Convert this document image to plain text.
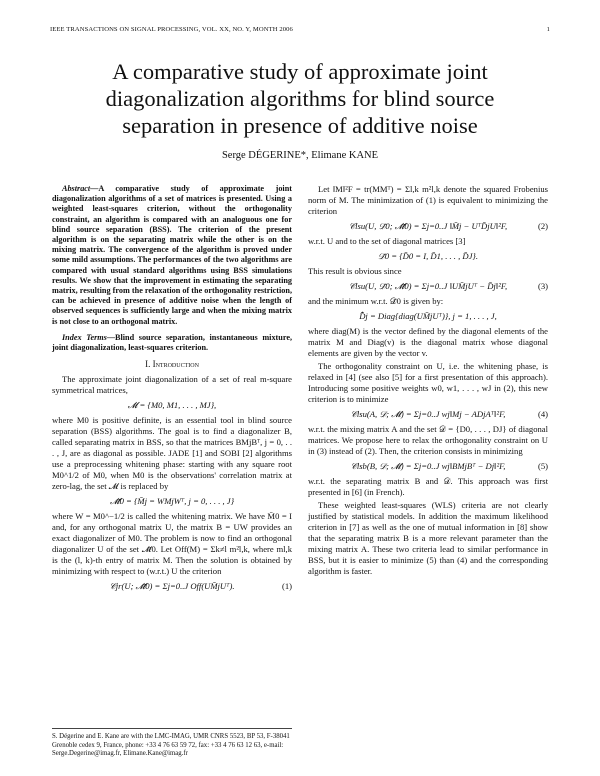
IEEE TRANSACTIONS ON SIGNAL PROCESSING, VOL. XX, NO. Y, MONTH 2006	1
A comparative study of approximate joint diagonalization algorithms for blind source separation in presence of additive noise
Serge DÉGERINE*, Elimane KANE

Abstract—A comparative study of approximate joint diagonalization algorithms of a set of matrices is presented. Using a weighted least-squares criterion, without the orthogonality constraint, an algorithm is compared with an analoguous one for blind source separation (BSS). The criterion of the present algorithm is on the separating matrix while the other is on the mixing matrix. The convergence of the algorithm is proved under some mild assumptions. The performances of the two algorithms are compared with usual standard algorithms using BSS simulations results. We show that the improvement in estimating the separating matrix, resulting from the relaxation of the orthogonality restriction, can be achieved in presence of additive noise when the length of observed sequences is sufficiently large and when the mixing matrix is not close to an orthogonal matrix.

Index Terms—Blind source separation, instantaneous mixture, joint diagonalization, least-squares criterion.

I. Introduction

The approximate joint diagonalization of a set of real m-square symmetrical matrices,

𝓜 = {M0, M1, . . . , MJ},

where M0 is positive definite, is an essential tool in blind source separation (BSS) algorithms. The goal is to find a diagonalizer B, called separating matrix in BSS, so that the matrices BMjBᵀ, j = 0, . . . , J, are as diagonal as possible. JADE [1] and SOBI [2] algorithms use a preprocessing whitening phase: starting with any square root M0^1/2 of M0, when M0 is the observations' correlation matrix at zero-lag, the set 𝓜 is replaced by

𝓜̄0 = {M̄j = WMjWᵀ, j = 0, . . . , J}

where W = M0^−1/2 is called the whitening matrix. We have M̄0 = I and, for any orthogonal matrix U, the matrix B = UW provides an exact diagonalizer of M0. The problem is now to find an orthogonal diagonalizer U of the set 𝓜̄0. Let Off(M) = Σk≠l m²l,k, where ml,k is the (l, k)-th entry of matrix M. Then the solution is obtained by minimizing with respect to (w.r.t.) U the criterion

𝒞jr(U; 𝓜̄0) = Σj=0..J Off(UM̄jUᵀ).	(1)

Let ‖M‖²F = tr(MMᵀ) = Σl,k m²l,k denote the squared Frobenius norm of M. The minimization of (1) is equivalent to minimizing the criterion

𝒞lsu(U, 𝒟̄0; 𝓜̄0) = Σj=0..J ‖M̄j − UᵀD̄jU‖²F,	(2)

w.r.t. U and to the set of diagonal matrices [3]

𝒟̄0 = {D̄0 = I, D̄1, . . . , D̄J}.

This result is obvious since

𝒞lsu(U, 𝒟̄0; 𝓜̄0) = Σj=0..J ‖UM̄jUᵀ − D̄j‖²F,	(3)

and the minimum w.r.t. 𝒟̄0 is given by:

D̄̂j = Diag{diag(UM̄jUᵀ)}, j = 1, . . . , J,

where diag(M) is the vector defined by the diagonal elements of the matrix M and Diag(v) is the diagonal matrix whose diagonal elements are given by the vector v.

The orthogonality constraint on U, i.e. the whitening phase, is relaxed in [4] (see also [5] for a first presentation of this approach). Introducing some positive weights w0, w1, . . . , wJ in (2), this new criterion is to minimize

𝒞lsu(A, 𝒟; 𝓜) = Σj=0..J wj‖Mj − ADjAᵀ‖²F,	(4)

w.r.t. the mixing matrix A and the set 𝒟 = {D0, . . . , DJ} of diagonal matrices. We propose here to relax the orthogonality constraint on U in (3) instead of (2). Then, the criterion consists in minimizing

𝒞lsb(B, 𝒟; 𝓜) = Σj=0..J wj‖BMjBᵀ − Dj‖²F,	(5)

w.r.t. the separating matrix B and 𝒟. This approach was first presented in [6] (in French).

These weighted least-squares (WLS) criteria are not clearly justified by statistical models. In addition the maximum likelihood criterion in [7] as well as the one of mutual information in [8] show that the separating matrix B is a more relevant parameter than the mixing matrix A. These two criteria lead to similar performance in BSS, but it is easier to minimize (5) than (4) and the corresponding algorithm is faster.

S. Dégerine and E. Kane are with the LMC-IMAG, UMR CNRS 5523, BP 53, F-38041 Grenoble cedex 9, France, phone: +33 4 76 63 59 72, fax: +33 4 76 63 12 63, e-mail: Serge.Degerine@imag.fr, Elimane.Kane@imag.fr
